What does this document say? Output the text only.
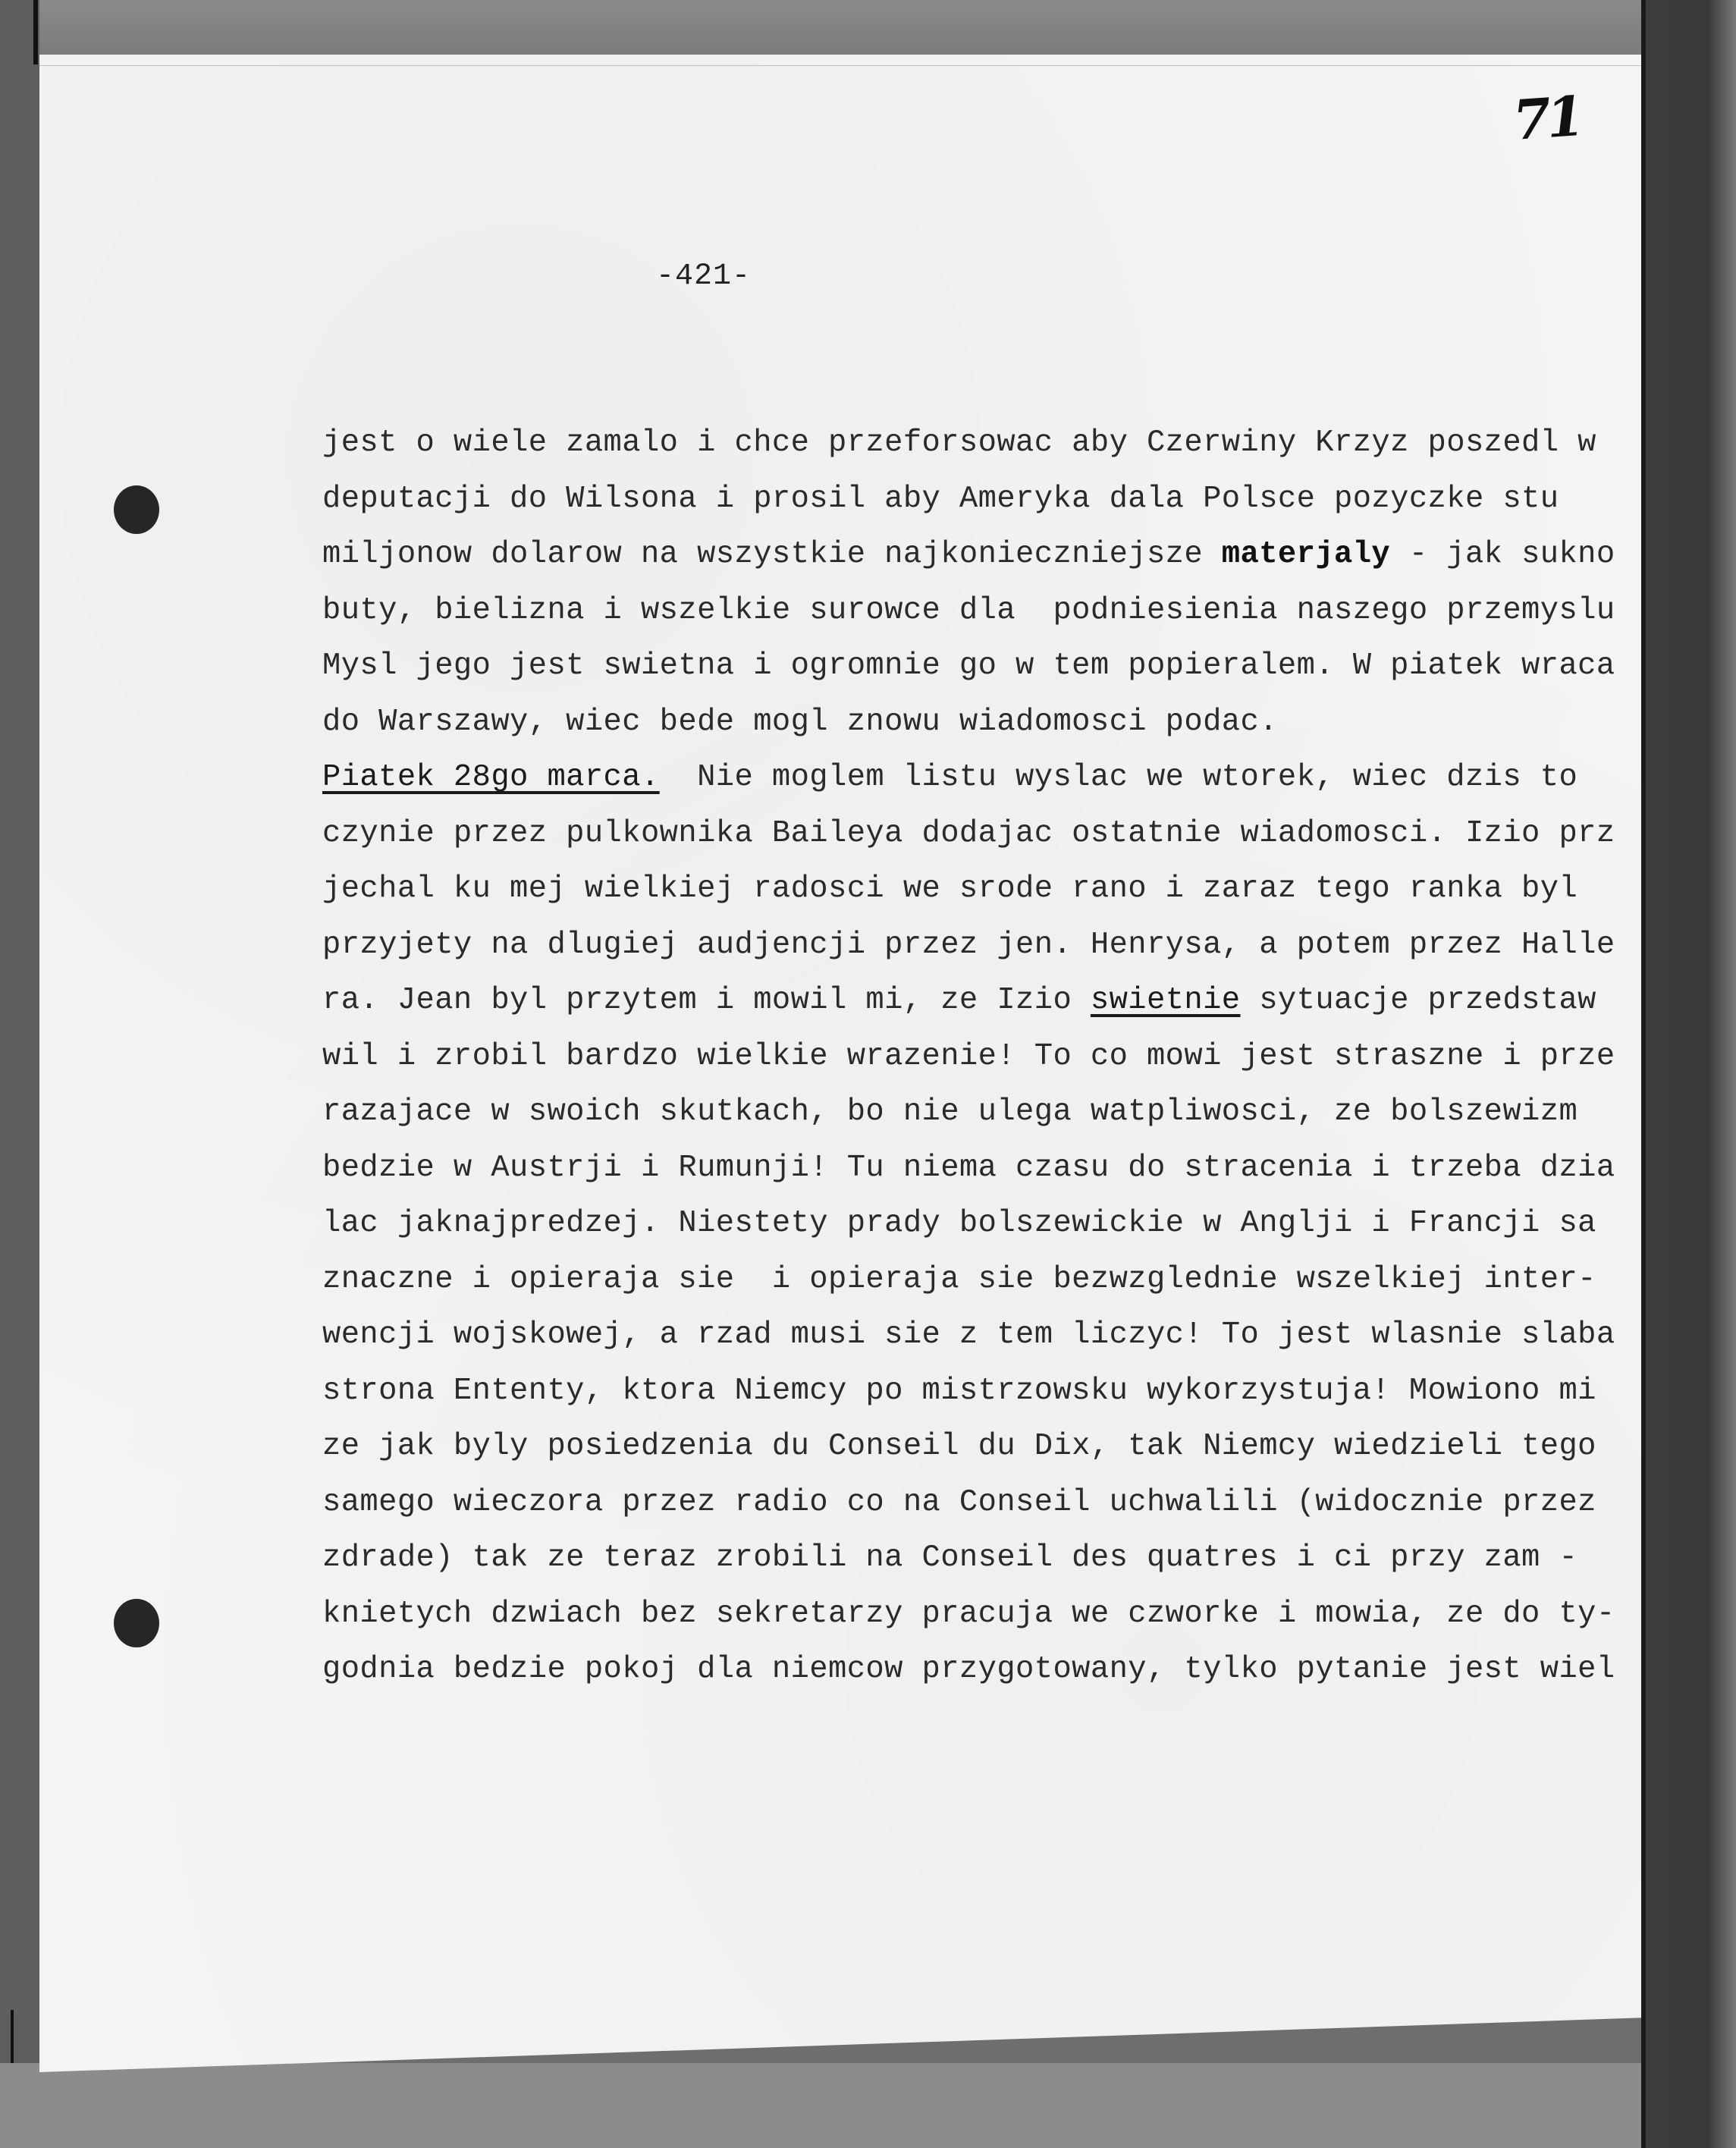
71
-421-
jest o wiele zamalo i chce przeforsowac aby Czerwiny Krzyz poszedl w
deputacji do Wilsona i prosil aby Ameryka dala Polsce pozyczke stu
miljonow dolarow na wszystkie najkonieczniejsze materjaly - jak sukno
buty, bielizna i wszelkie surowce dla  podniesienia naszego przemyslu
Mysl jego jest swietna i ogromnie go w tem popieralem. W piatek wraca
do Warszawy, wiec bede mogl znowu wiadomosci podac.
Piatek 28go marca.  Nie moglem listu wyslac we wtorek, wiec dzis to
czynie przez pulkownika Baileya dodajac ostatnie wiadomosci. Izio prz
jechal ku mej wielkiej radosci we srode rano i zaraz tego ranka byl
przyjety na dlugiej audjencji przez jen. Henrysa, a potem przez Halle
ra. Jean byl przytem i mowil mi, ze Izio swietnie sytuacje przedstaw
wil i zrobil bardzo wielkie wrazenie! To co mowi jest straszne i prze
razajace w swoich skutkach, bo nie ulega watpliwosci, ze bolszewizm
bedzie w Austrji i Rumunji! Tu niema czasu do stracenia i trzeba dzia
lac jaknajpredzej. Niestety prady bolszewickie w Anglji i Francji sa
znaczne i opieraja sie  i opieraja sie bezwzglednie wszelkiej inter-
wencji wojskowej, a rzad musi sie z tem liczyc! To jest wlasnie slaba
strona Ententy, ktora Niemcy po mistrzowsku wykorzystuja! Mowiono mi
ze jak byly posiedzenia du Conseil du Dix, tak Niemcy wiedzieli tego
samego wieczora przez radio co na Conseil uchwalili (widocznie przez
zdrade) tak ze teraz zrobili na Conseil des quatres i ci przy zam -
knietych dzwiach bez sekretarzy pracuja we czworke i mowia, ze do ty-
godnia bedzie pokoj dla niemcow przygotowany, tylko pytanie jest wiel
